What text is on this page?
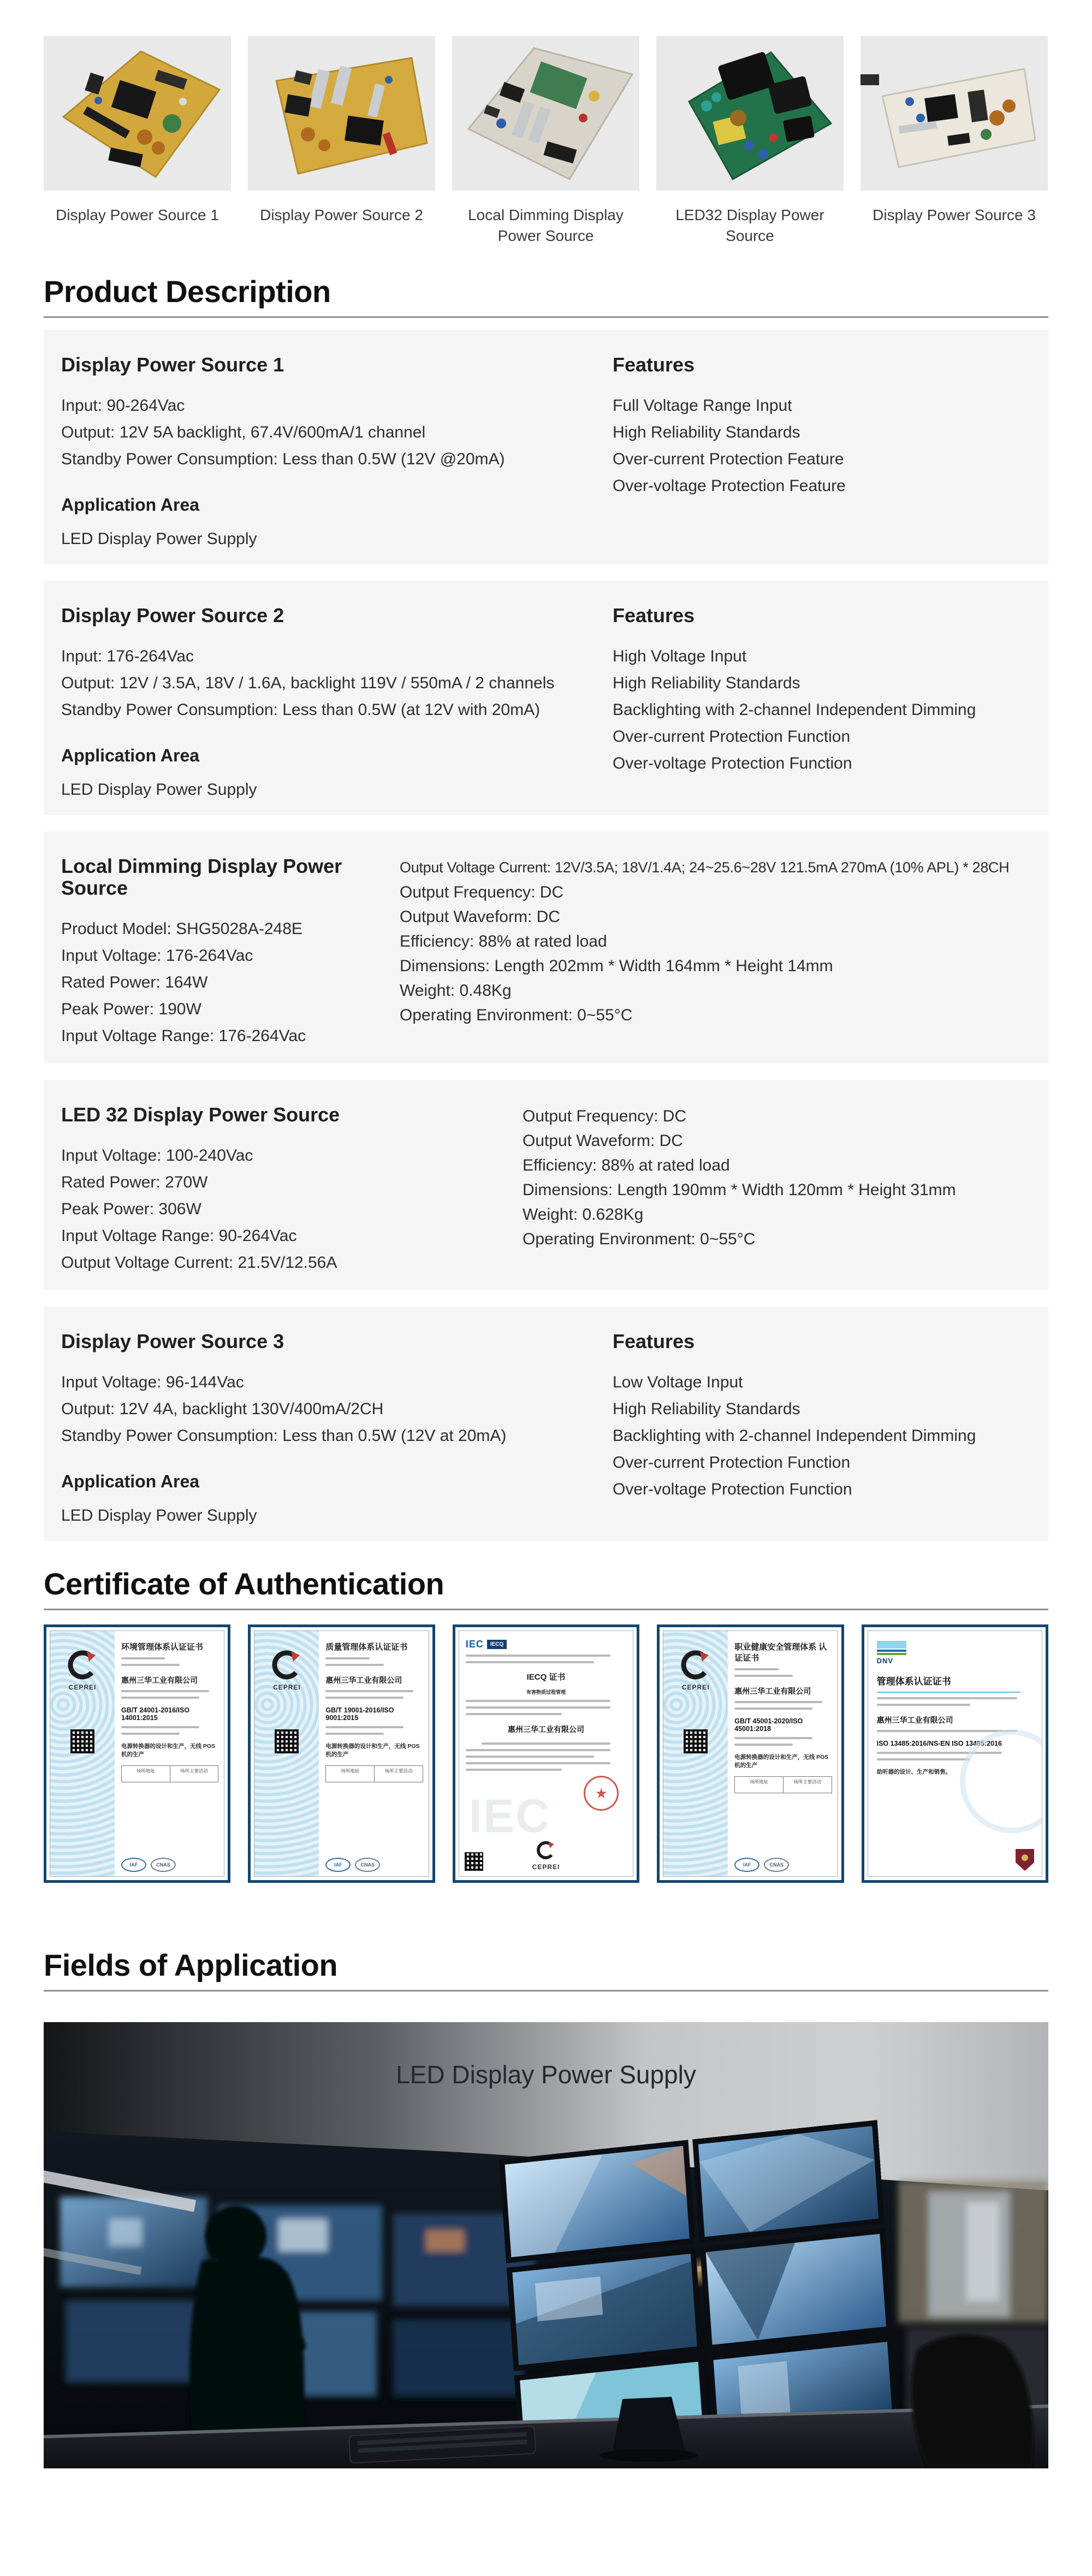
Display Power Source 1	Display Power Source 2	Local Dimming Display Power Source
LED32 Display Power Source
Display Power Source 3
Product Description
Display Power Source 1
Input: 90-264Vac
Output: 12V 5A backlight, 67.4V/600mA/1 channel
Standby Power Consumption: Less than 0.5W (12V @20mA)
Application Area
LED Display Power Supply
Features
Full Voltage Range Input
High Reliability Standards
Over-current Protection Feature
Over-voltage Protection Feature
Display Power Source 2
Input: 176-264Vac
Output: 12V / 3.5A, 18V / 1.6A, backlight 119V / 550mA / 2 channels
Standby Power Consumption: Less than 0.5W (at 12V with 20mA)
Application Area
LED Display Power Supply
Features
High Voltage Input
High Reliability Standards
Backlighting with 2-channel Independent Dimming
Over-current Protection Function
Over-voltage Protection Function
Local Dimming Display Power Source
Product Model: SHG5028A-248E
Input Voltage: 176-264Vac
Rated Power: 164W
Peak Power: 190W
Input Voltage Range: 176-264Vac
Output Voltage Current: 12V/3.5A; 18V/1.4A; 24~25.6~28V 121.5mA 270mA (10% APL) * 28CH
Output Frequency: DC
Output Waveform: DC
Efficiency: 88% at rated load
Dimensions: Length 202mm * Width 164mm * Height 14mm
Weight: 0.48Kg
Operating Environment: 0~55°C
LED 32 Display Power Source
Input Voltage: 100-240Vac
Rated Power: 270W
Peak Power: 306W
Input Voltage Range: 90-264Vac
Output Voltage Current: 21.5V/12.56A
Output Frequency: DC
Output Waveform: DC
Efficiency: 88% at rated load
Dimensions: Length 190mm * Width 120mm * Height 31mm
Weight: 0.628Kg
Operating Environment: 0~55°C
Display Power Source 3
Input Voltage: 96-144Vac
Output: 12V 4A, backlight 130V/400mA/2CH
Standby Power Consumption: Less than 0.5W (12V at 20mA)
Application Area
LED Display Power Supply
Features
Low Voltage Input
High Reliability Standards
Backlighting with 2-channel Independent Dimming
Over-current Protection Function
Over-voltage Protection Function
Certificate of Authentication
CEPREI
环境管理体系认证证书
惠州三华工业有限公司
GB/T 24001-2016/ISO 14001:2015
电源转换器的设计和生产，无线 POS 机的生产
场所地址	场所主要活动
IAF	CNAS
CEPREI
质量管理体系认证证书
惠州三华工业有限公司
GB/T 19001-2016/ISO 9001:2015
电源转换器的设计和生产，无线 POS 机的生产
场所地址	场所主要活动
IAF	CNAS
IEC
IEC	IECQ
IECQ 证书
有害物质过程管理
惠州三华工业有限公司
★
CEPREI
CEPREI
职业健康安全管理体系 认证证书
惠州三华工业有限公司
GB/T 45001-2020/ISO 45001:2018
电源转换器的设计和生产，无线 POS 机的生产
场所地址	场所主要活动
IAF	CNAS
DNV
管理体系认证证书
惠州三华工业有限公司
ISO 13485:2016/NS-EN ISO 13485:2016
助听器的设计、生产和销售。
Fields of Application
LED Display Power Supply
